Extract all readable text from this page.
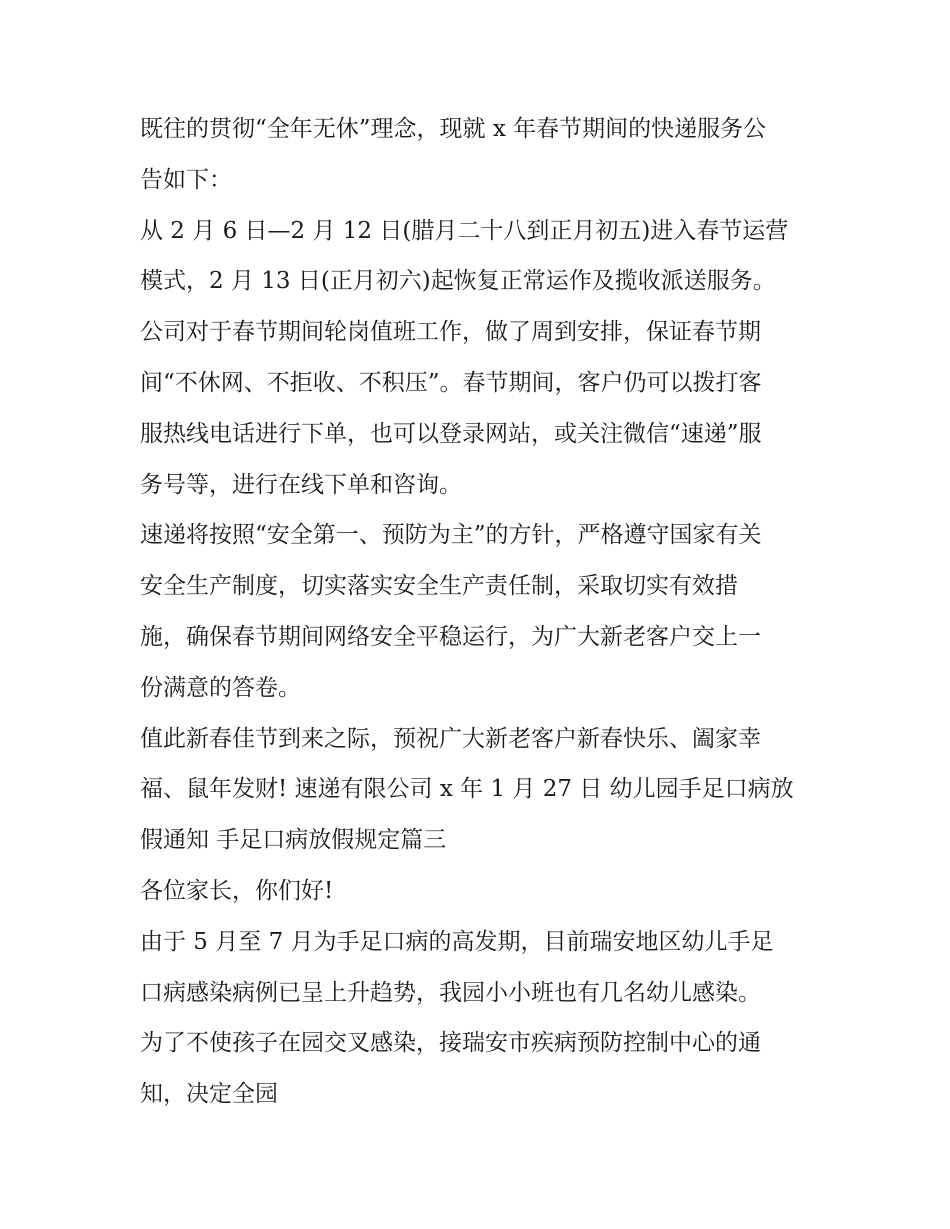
既往的贯彻“全年无休”理念，现就 x 年春节期间的快递服务公
告如下：
从 2 月 6 日—2 月 12 日(腊月二十八到正月初五)进入春节运营
模式，2 月 13 日(正月初六)起恢复正常运作及揽收派送服务。
公司对于春节期间轮岗值班工作，做了周到安排，保证春节期
间“不休网、不拒收、不积压”。春节期间，客户仍可以拨打客
服热线电话进行下单，也可以登录网站，或关注微信“速递”服
务号等，进行在线下单和咨询。
速递将按照“安全第一、预防为主”的方针，严格遵守国家有关
安全生产制度，切实落实安全生产责任制，采取切实有效措
施，确保春节期间网络安全平稳运行，为广大新老客户交上一
份满意的答卷。
值此新春佳节到来之际，预祝广大新老客户新春快乐、阖家幸
福、鼠年发财! 速递有限公司 x 年 1 月 27 日 幼儿园手足口病放
假通知 手足口病放假规定篇三
各位家长，你们好!
由于 5 月至 7 月为手足口病的高发期，目前瑞安地区幼儿手足
口病感染病例已呈上升趋势，我园小小班也有几名幼儿感染。
为了不使孩子在园交叉感染，接瑞安市疾病预防控制中心的通
知，决定全园
